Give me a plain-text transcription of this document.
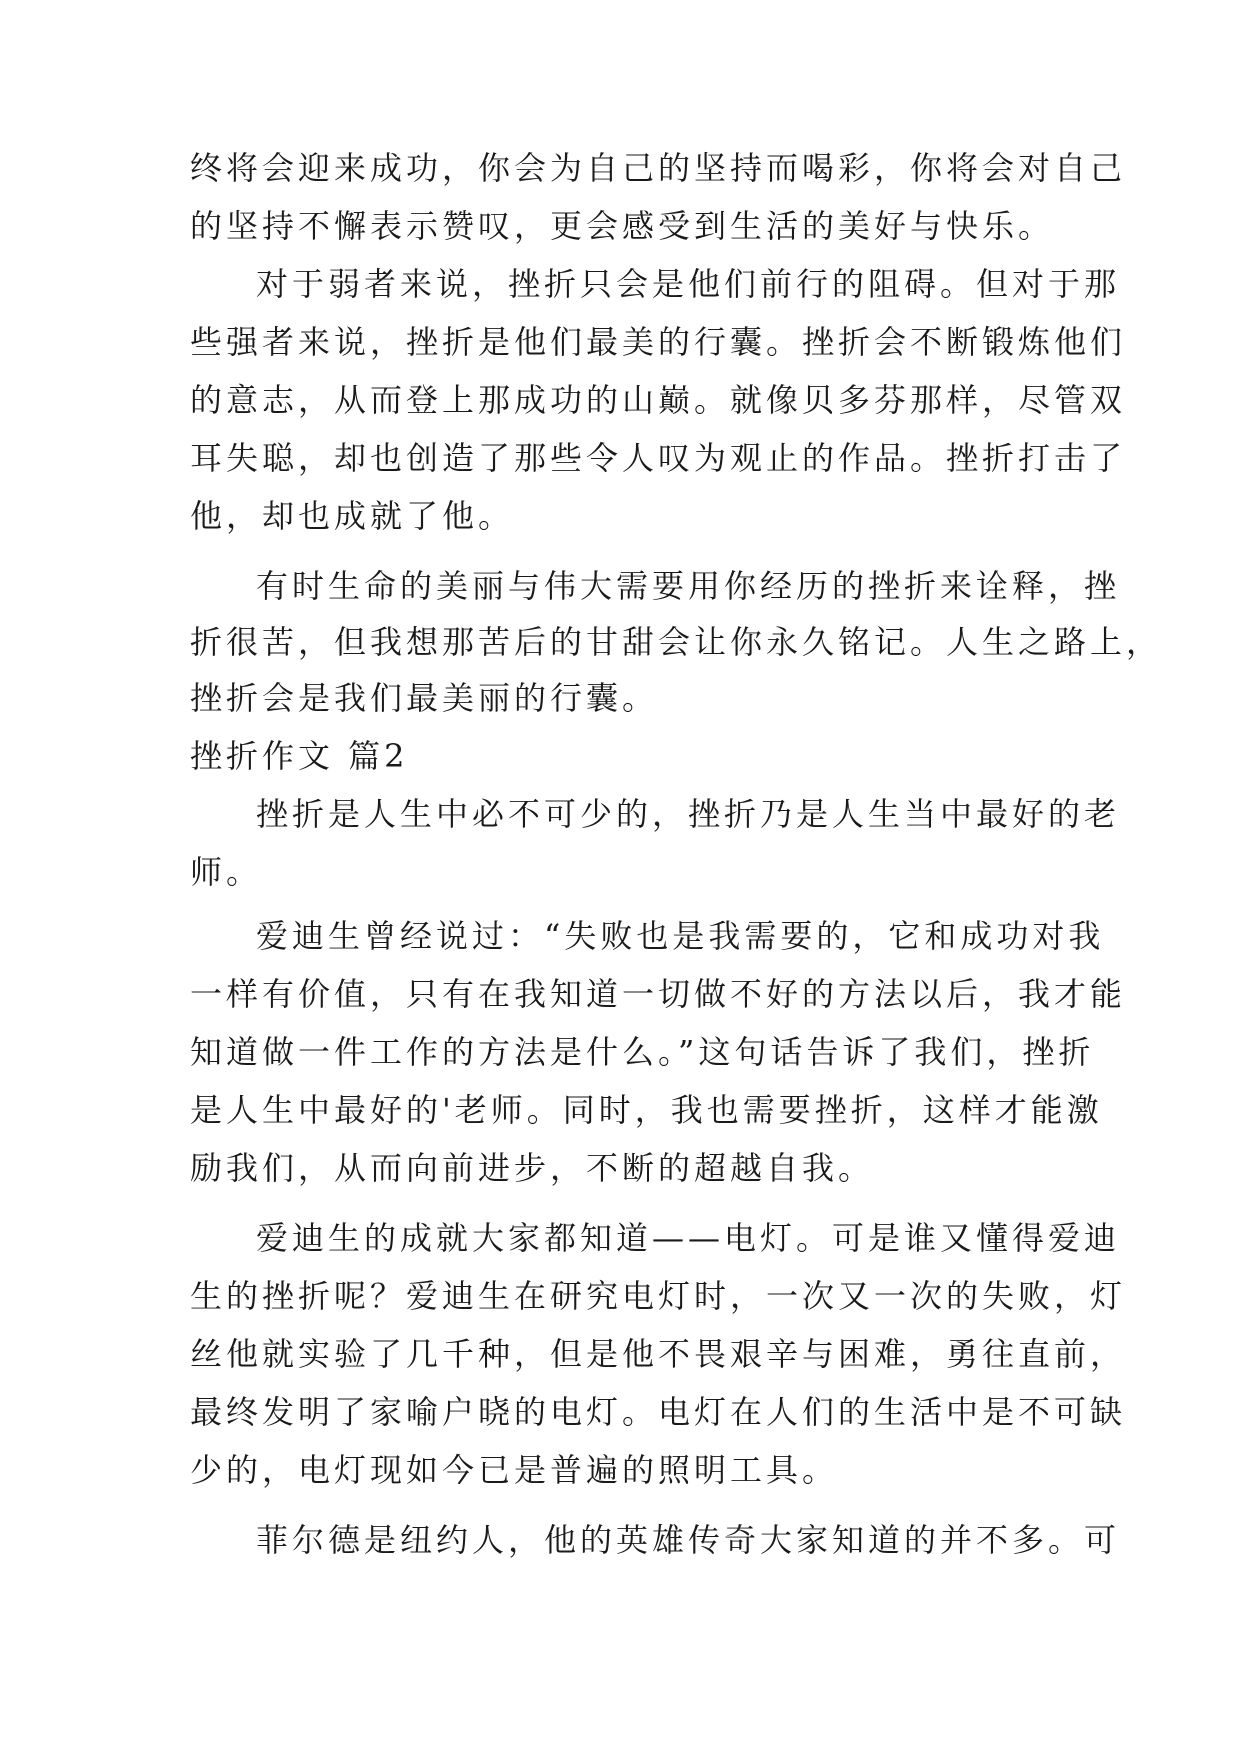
终将会迎来成功，你会为自己的坚持而喝彩，你将会对自己
的坚持不懈表示赞叹，更会感受到生活的美好与快乐。
对于弱者来说，挫折只会是他们前行的阻碍。但对于那
些强者来说，挫折是他们最美的行囊。挫折会不断锻炼他们
的意志，从而登上那成功的山巅。就像贝多芬那样，尽管双
耳失聪，却也创造了那些令人叹为观止的作品。挫折打击了
他，却也成就了他。
有时生命的美丽与伟大需要用你经历的挫折来诠释，挫
折很苦，但我想那苦后的甘甜会让你永久铭记。人生之路上，
挫折会是我们最美丽的行囊。
挫折作文 篇2
挫折是人生中必不可少的，挫折乃是人生当中最好的老
师。
爱迪生曾经说过：“失败也是我需要的，它和成功对我
一样有价值，只有在我知道一切做不好的方法以后，我才能
知道做一件工作的方法是什么。”这句话告诉了我们，挫折
是人生中最好的'老师。同时，我也需要挫折，这样才能激
励我们，从而向前进步，不断的超越自我。
爱迪生的成就大家都知道——电灯。可是谁又懂得爱迪
生的挫折呢？爱迪生在研究电灯时，一次又一次的失败，灯
丝他就实验了几千种，但是他不畏艰辛与困难，勇往直前，
最终发明了家喻户晓的电灯。电灯在人们的生活中是不可缺
少的，电灯现如今已是普遍的照明工具。
菲尔德是纽约人，他的英雄传奇大家知道的并不多。可
